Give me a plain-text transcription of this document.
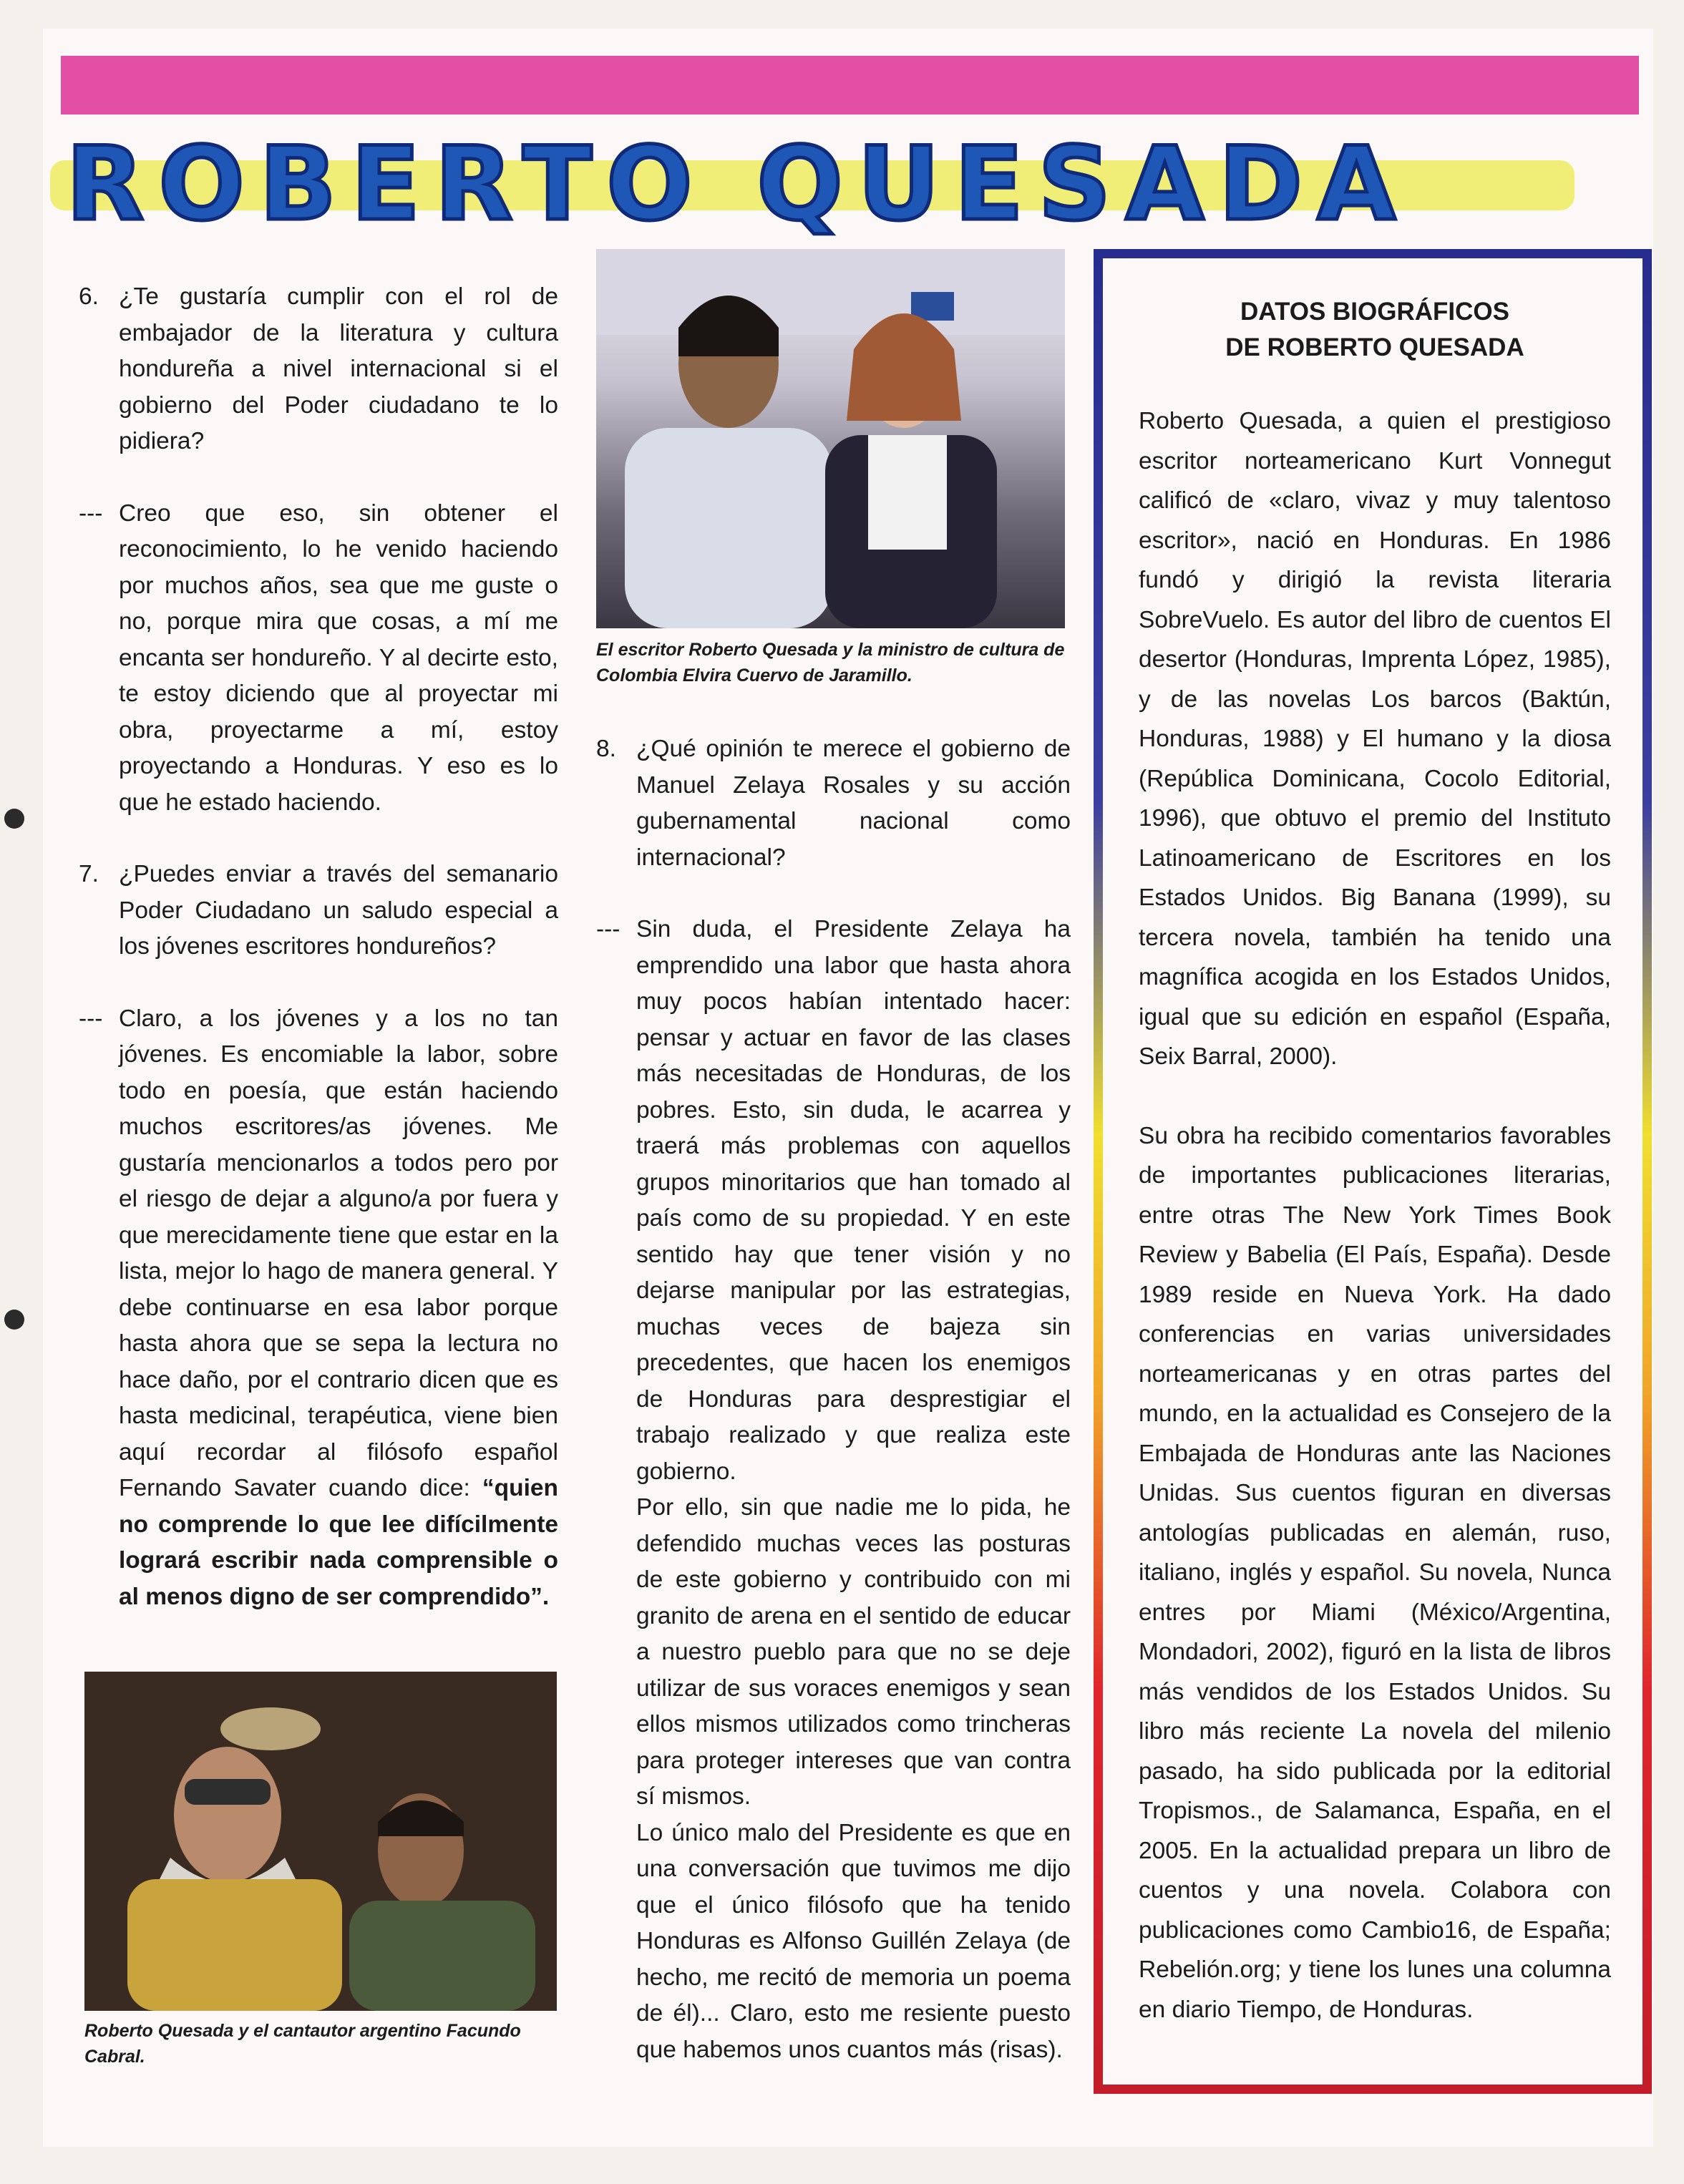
ROBERTO QUESADA
6. ¿Te gustaría cumplir con el rol de embajador de la literatura y cultura hondureña a nivel internacional si el gobierno del Poder ciudadano te lo pidiera?

--- Creo que eso, sin obtener el reconocimiento, lo he venido haciendo por muchos años, sea que me guste o no, porque mira que cosas, a mí me encanta ser hondureño. Y al decirte esto, te estoy diciendo que al proyectar mi obra, proyectarme a mí, estoy proyectando a Honduras. Y eso es lo que he estado haciendo.

7. ¿Puedes enviar a través del semanario Poder Ciudadano un saludo especial a los jóvenes escritores hondureños?

--- Claro, a los jóvenes y a los no tan jóvenes. Es encomiable la labor, sobre todo en poesía, que están haciendo muchos escritores/as jóvenes. Me gustaría mencionarlos a todos pero por el riesgo de dejar a alguno/a por fuera y que merecidamente tiene que estar en la lista, mejor lo hago de manera general. Y debe continuarse en esa labor porque hasta ahora que se sepa la lectura no hace daño, por el contrario dicen que es hasta medicinal, terapéutica, viene bien aquí recordar al filósofo español Fernando Savater cuando dice: “quien no comprende lo que lee difícilmente logrará escribir nada comprensible o al menos digno de ser comprendido”.

El escritor Roberto Quesada y la ministro de cultura de Colombia Elvira Cuervo de Jaramillo.
Roberto Quesada y el cantautor argentino Facundo Cabral.
8. ¿Qué opinión te merece el gobierno de Manuel Zelaya Rosales y su acción gubernamental nacional como internacional?

--- Sin duda, el Presidente Zelaya ha emprendido una labor que hasta ahora muy pocos habían intentado hacer: pensar y actuar en favor de las clases más necesitadas de Honduras, de los pobres. Esto, sin duda, le acarrea y traerá más problemas con aquellos grupos minoritarios que han tomado al país como de su propiedad. Y en este sentido hay que tener visión y no dejarse manipular por las estrategias, muchas veces de bajeza sin precedentes, que hacen los enemigos de Honduras para desprestigiar el trabajo realizado y que realiza este gobierno.

Por ello, sin que nadie me lo pida, he defendido muchas veces las posturas de este gobierno y contribuido con mi granito de arena en el sentido de educar a nuestro pueblo para que no se deje utilizar de sus voraces enemigos y sean ellos mismos utilizados como trincheras para proteger intereses que van contra sí mismos.

Lo único malo del Presidente es que en una conversación que tuvimos me dijo que el único filósofo que ha tenido Honduras es Alfonso Guillén Zelaya (de hecho, me recitó de memoria un poema de él)... Claro, esto me resiente puesto que habemos unos cuantos más (risas).

DATOS BIOGRÁFICOS
DE ROBERTO QUESADA

Roberto Quesada, a quien el prestigioso escritor norteamericano Kurt Vonnegut calificó de «claro, vivaz y muy talentoso escritor», nació en Honduras. En 1986 fundó y dirigió la revista literaria SobreVuelo. Es autor del libro de cuentos El desertor (Honduras, Imprenta López, 1985), y de las novelas Los barcos (Baktún, Honduras, 1988) y El humano y la diosa (República Dominicana, Cocolo Editorial, 1996), que obtuvo el premio del Instituto Latinoamericano de Escritores en los Estados Unidos. Big Banana (1999), su tercera novela, también ha tenido una magnífica acogida en los Estados Unidos, igual que su edición en español (España, Seix Barral, 2000).

Su obra ha recibido comentarios favorables de importantes publicaciones literarias, entre otras The New York Times Book Review y Babelia (El País, España). Desde 1989 reside en Nueva York. Ha dado conferencias en varias universidades norteamericanas y en otras partes del mundo, en la actualidad es Consejero de la Embajada de Honduras ante las Naciones Unidas. Sus cuentos figuran en diversas antologías publicadas en alemán, ruso, italiano, inglés y español. Su novela, Nunca entres por Miami (México/Argentina, Mondadori, 2002), figuró en la lista de libros más vendidos de los Estados Unidos. Su libro más reciente La novela del milenio pasado, ha sido publicada por la editorial Tropismos., de Salamanca, España, en el 2005. En la actualidad prepara un libro de cuentos y una novela. Colabora con publicaciones como Cambio16, de España; Rebelión.org; y tiene los lunes una columna en diario Tiempo, de Honduras.
